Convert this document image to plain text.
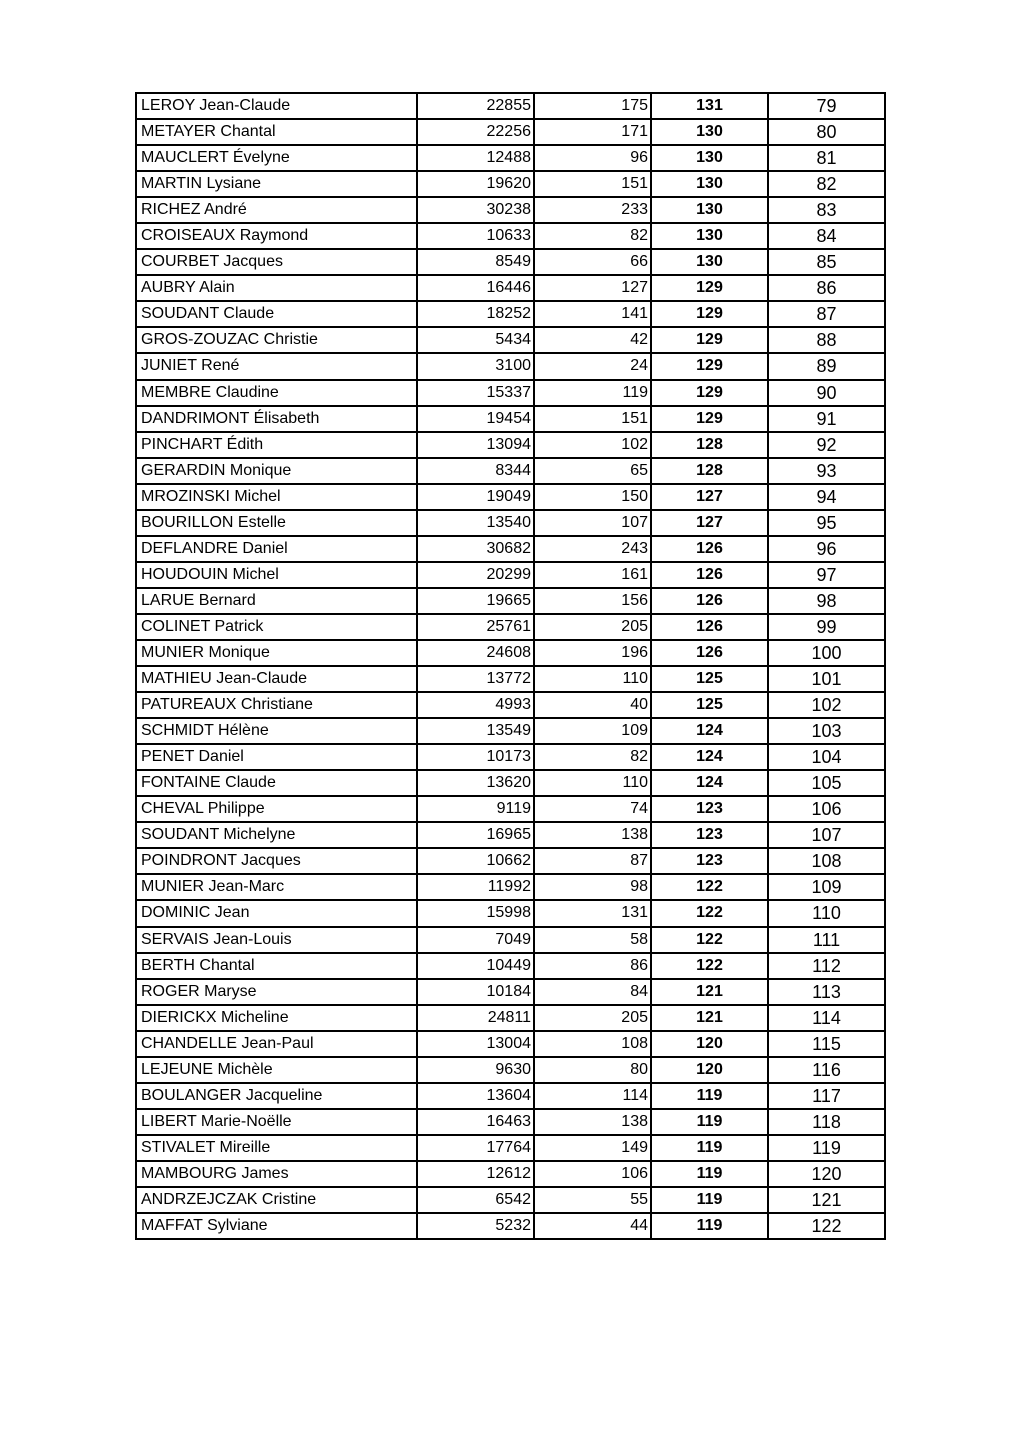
LEROY Jean-Claude	22855	175	131	79
METAYER Chantal	22256	171	130	80
MAUCLERT Évelyne	12488	96	130	81
MARTIN Lysiane	19620	151	130	82
RICHEZ André	30238	233	130	83
CROISEAUX Raymond	10633	82	130	84
COURBET Jacques	8549	66	130	85
AUBRY Alain	16446	127	129	86
SOUDANT Claude	18252	141	129	87
GROS-ZOUZAC Christie	5434	42	129	88
JUNIET René	3100	24	129	89
MEMBRE Claudine	15337	119	129	90
DANDRIMONT Élisabeth	19454	151	129	91
PINCHART Édith	13094	102	128	92
GERARDIN Monique	8344	65	128	93
MROZINSKI Michel	19049	150	127	94
BOURILLON Estelle	13540	107	127	95
DEFLANDRE Daniel	30682	243	126	96
HOUDOUIN Michel	20299	161	126	97
LARUE Bernard	19665	156	126	98
COLINET Patrick	25761	205	126	99
MUNIER Monique	24608	196	126	100
MATHIEU Jean-Claude	13772	110	125	101
PATUREAUX Christiane	4993	40	125	102
SCHMIDT Hélène	13549	109	124	103
PENET Daniel	10173	82	124	104
FONTAINE Claude	13620	110	124	105
CHEVAL Philippe	9119	74	123	106
SOUDANT Michelyne	16965	138	123	107
POINDRONT Jacques	10662	87	123	108
MUNIER Jean-Marc	11992	98	122	109
DOMINIC Jean	15998	131	122	110
SERVAIS Jean-Louis	7049	58	122	111
BERTH Chantal	10449	86	122	112
ROGER Maryse	10184	84	121	113
DIERICKX Micheline	24811	205	121	114
CHANDELLE Jean-Paul	13004	108	120	115
LEJEUNE Michèle	9630	80	120	116
BOULANGER Jacqueline	13604	114	119	117
LIBERT Marie-Noëlle	16463	138	119	118
STIVALET Mireille	17764	149	119	119
MAMBOURG James	12612	106	119	120
ANDRZEJCZAK Cristine	6542	55	119	121
MAFFAT Sylviane	5232	44	119	122
